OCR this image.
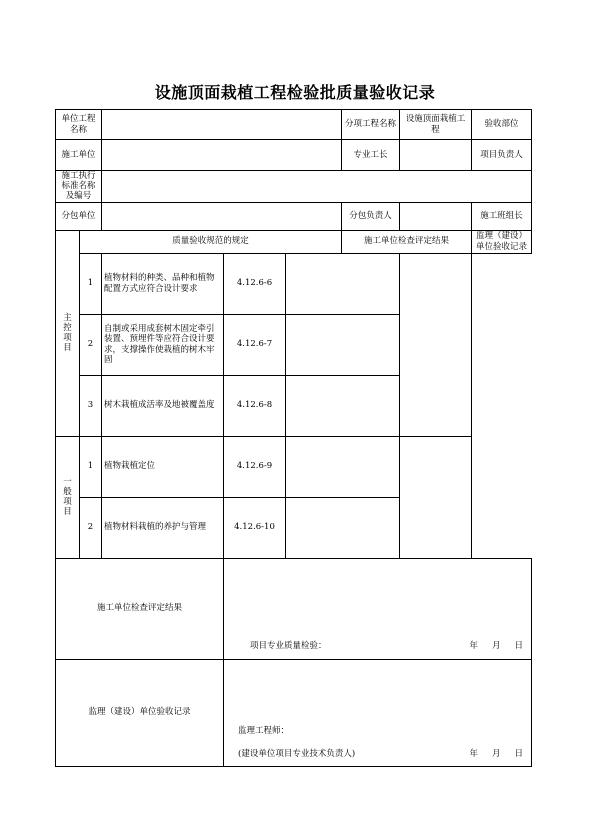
设施顶面栽植工程检验批质量验收记录
单位工程名称					分项工程名称	设施顶面栽植工程	验收部位
施工单位					专业工长		项目负责人
施工执行标准名称及编号							
分包单位					分包负责人		施工班组长
主控项目	质量验收规范的规定				施工单位检查评定结果		监理（建设）单位验收记录
	1	植物材料的种类、品种和植物配置方式应符合设计要求	4.12.6-6				
	2	自制或采用成套树木固定牵引装置、预埋件等应符合设计要求，支撑操作使栽植的树木牢固	4.12.6-7				
	3	树木栽植成活率及地被覆盖度	4.12.6-8				
一般项目	1	植物栽植定位	4.12.6-9				
	2	植物材料栽植的养护与管理	4.12.6-10				
施工单位检查评定结果			项目专业质量检验： 年 月 日				

监理（建设）单位验收记录			监理工程师：
(建设单位项目专业技术负责人) 年 月 日				
